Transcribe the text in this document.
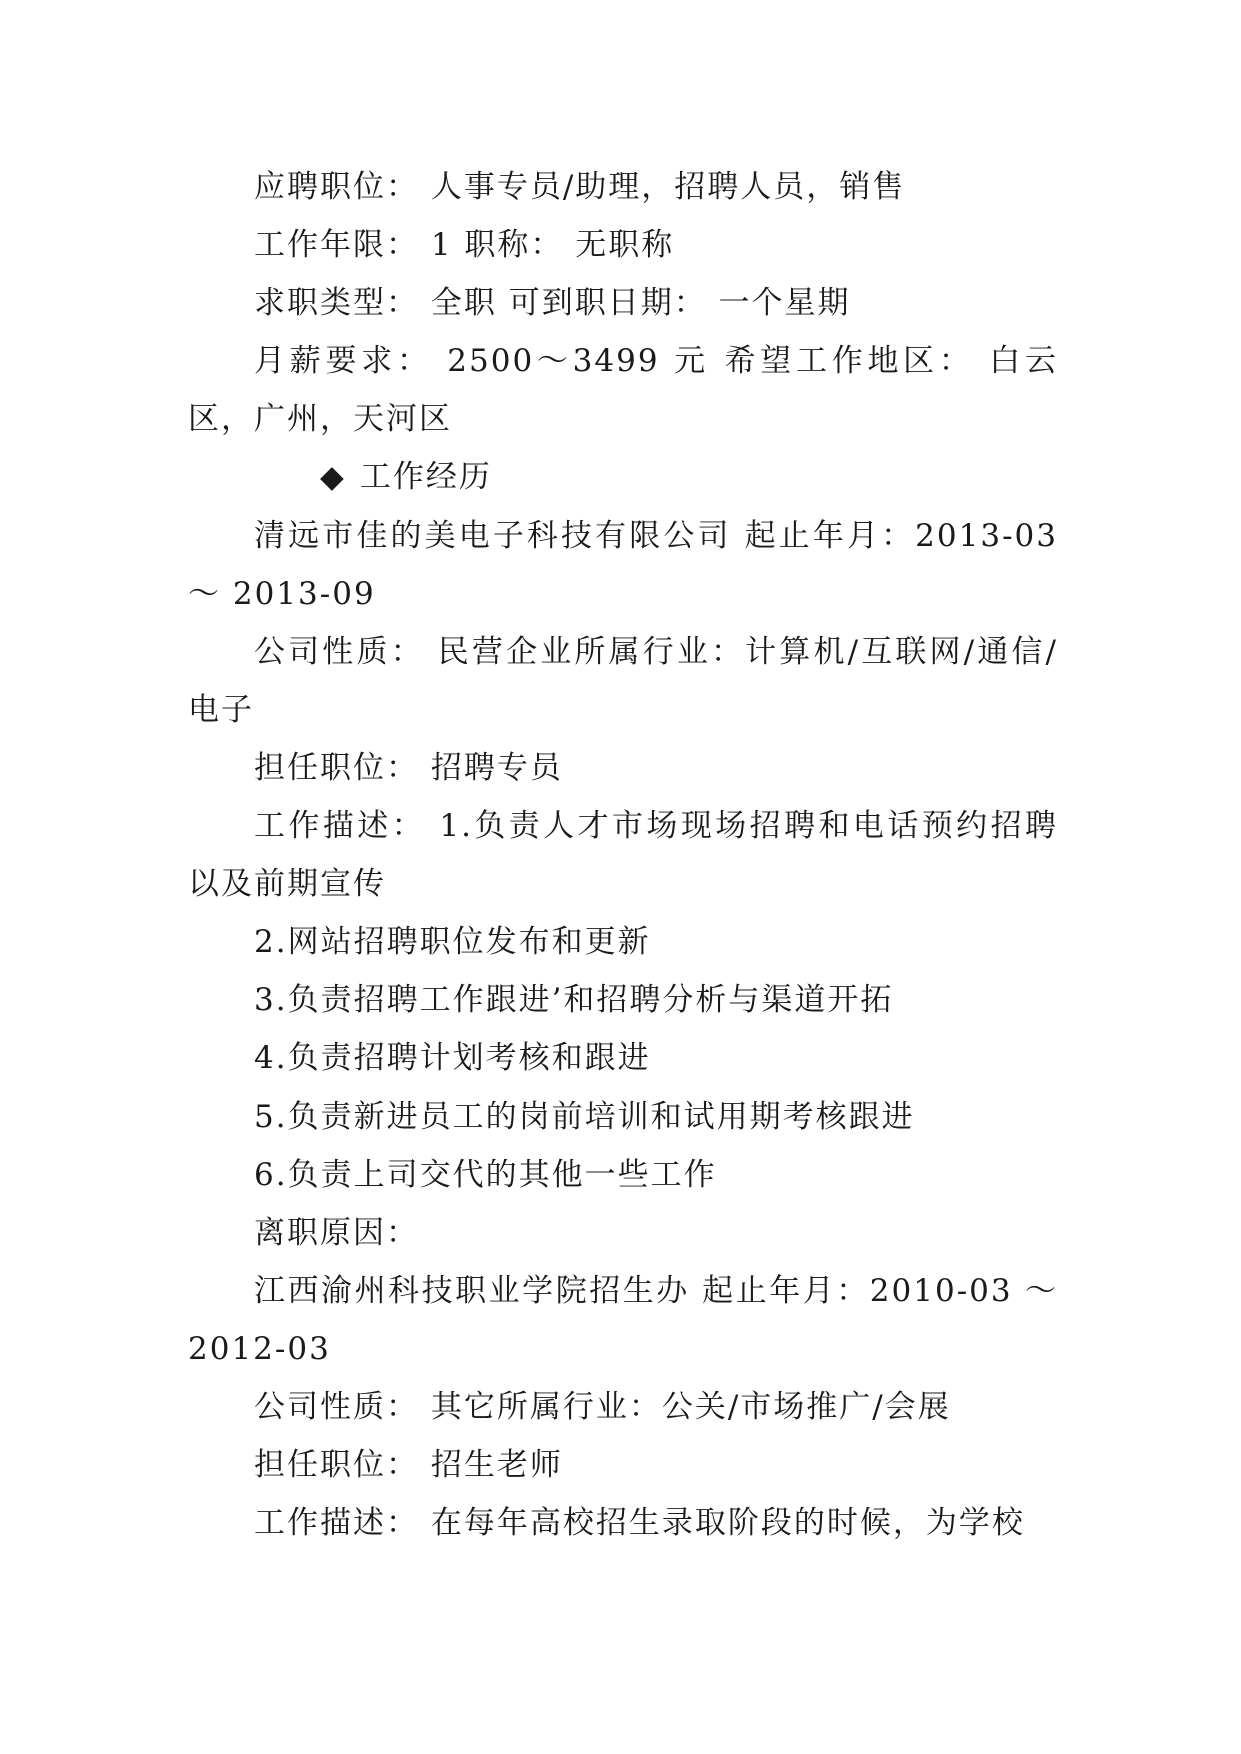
应聘职位： 人事专员/助理，招聘人员，销售

工作年限： 1 职称： 无职称

求职类型： 全职 可到职日期： 一个星期

月薪要求： 2500～3499 元 希望工作地区： 白云区，广州，天河区

◆ 工作经历

清远市佳的美电子科技有限公司 起止年月：2013-03 ～ 2013-09

公司性质： 民营企业所属行业：计算机/互联网/通信/电子

担任职位： 招聘专员

工作描述： 1.负责人才市场现场招聘和电话预约招聘以及前期宣传

2.网站招聘职位发布和更新

3.负责招聘工作跟进’和招聘分析与渠道开拓

4.负责招聘计划考核和跟进

5.负责新进员工的岗前培训和试用期考核跟进

6.负责上司交代的其他一些工作

离职原因：

江西渝州科技职业学院招生办 起止年月：2010-03 ～ 2012-03

公司性质： 其它所属行业：公关/市场推广/会展

担任职位： 招生老师

工作描述： 在每年高校招生录取阶段的时候，为学校
